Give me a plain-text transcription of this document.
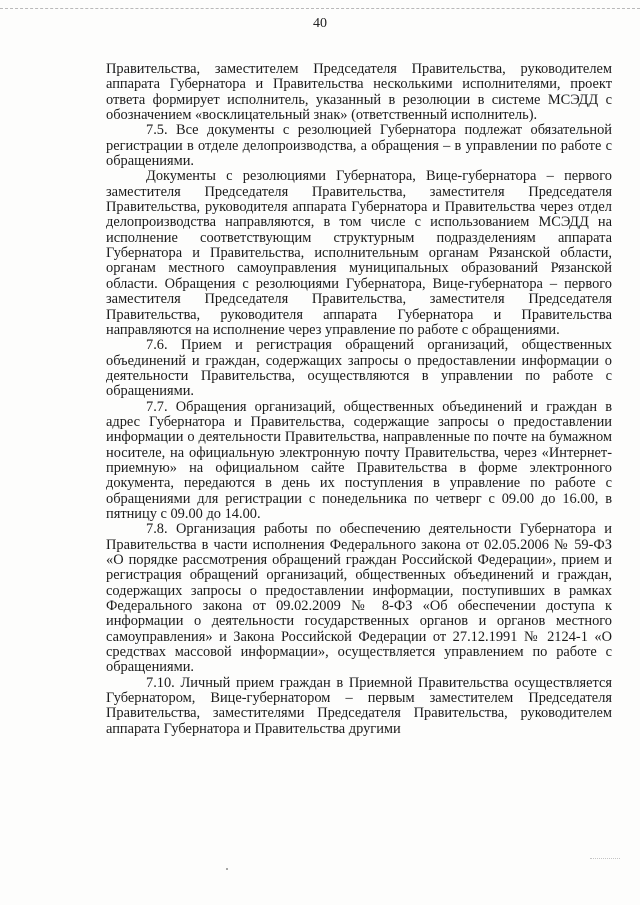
40

Правительства, заместителем Председателя Правительства, руководителем аппарата Губернатора и Правительства несколькими исполнителями, проект ответа формирует исполнитель, указанный в резолюции в системе МСЭДД с обозначением «восклицательный знак» (ответственный исполнитель).

7.5. Все документы с резолюцией Губернатора подлежат обязательной регистрации в отделе делопроизводства, а обращения – в управлении по работе с обращениями.

Документы с резолюциями Губернатора, Вице-губернатора – первого заместителя Председателя Правительства, заместителя Председателя Правительства, руководителя аппарата Губернатора и Правительства через отдел делопроизводства направляются, в том числе с использованием МСЭДД на исполнение соответствующим структурным подразделениям аппарата Губернатора и Правительства, исполнительным органам Рязанской области, органам местного самоуправления муниципальных образований Рязанской области. Обращения с резолюциями Губернатора, Вице-губернатора – первого заместителя Председателя Правительства, заместителя Председателя Правительства, руководителя аппарата Губернатора и Правительства направляются на исполнение через управление по работе с обращениями.

7.6. Прием и регистрация обращений организаций, общественных объединений и граждан, содержащих запросы о предоставлении информации о деятельности Правительства, осуществляются в управлении по работе с обращениями.

7.7. Обращения организаций, общественных объединений и граждан в адрес Губернатора и Правительства, содержащие запросы о предоставлении информации о деятельности Правительства, направленные по почте на бумажном носителе, на официальную электронную почту Правительства, через «Интернет-приемную» на официальном сайте Правительства в форме электронного документа, передаются в день их поступления в управление по работе с обращениями для регистрации с понедельника по четверг с 09.00 до 16.00, в пятницу с 09.00 до 14.00.

7.8. Организация работы по обеспечению деятельности Губернатора и Правительства в части исполнения Федерального закона от 02.05.2006 № 59-ФЗ «О порядке рассмотрения обращений граждан Российской Федерации», прием и регистрация обращений организаций, общественных объединений и граждан, содержащих запросы о предоставлении информации, поступивших в рамках Федерального закона от 09.02.2009 № 8-ФЗ «Об обеспечении доступа к информации о деятельности государственных органов и органов местного самоуправления» и Закона Российской Федерации от 27.12.1991 № 2124-1 «О средствах массовой информации», осуществляется управлением по работе с обращениями.

7.10. Личный прием граждан в Приемной Правительства осуществляется Губернатором, Вице-губернатором – первым заместителем Председателя Правительства, заместителями Председателя Правительства, руководителем аппарата Губернатора и Правительства другими
